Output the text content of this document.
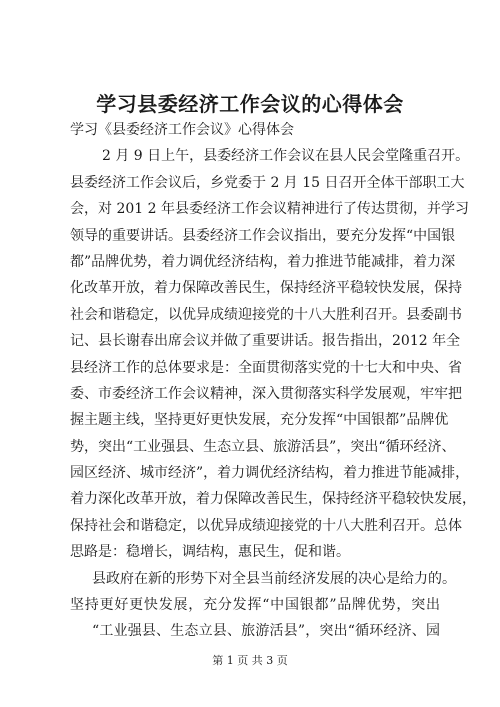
学习县委经济工作会议的心得体会
学习《县委经济工作会议》心得体会
2 月 9 日上午，县委经济工作会议在县人民会堂隆重召开。
县委经济工作会议后，乡党委于 2 月 15 日召开全体干部职工大
会，对 201 2 年县委经济工作会议精神进行了传达贯彻，并学习
领导的重要讲话。县委经济工作会议指出，要充分发挥“中国银
都”品牌优势，着力调优经济结构，着力推进节能减排，着力深
化改革开放，着力保障改善民生，保持经济平稳较快发展，保持
社会和谐稳定，以优异成绩迎接党的十八大胜利召开。县委副书
记、县长谢春出席会议并做了重要讲话。报告指出，2012 年全
县经济工作的总体要求是：全面贯彻落实党的十七大和中央、省
委、市委经济工作会议精神，深入贯彻落实科学发展观，牢牢把
握主题主线，坚持更好更快发展，充分发挥“中国银都”品牌优
势，突出“工业强县、生态立县、旅游活县”，突出“循环经济、
园区经济、城市经济”，着力调优经济结构，着力推进节能减排，
着力深化改革开放，着力保障改善民生，保持经济平稳较快发展，
保持社会和谐稳定，以优异成绩迎接党的十八大胜利召开。总体
思路是：稳增长，调结构，惠民生，促和谐。
县政府在新的形势下对全县当前经济发展的决心是给力的。
坚持更好更快发展，充分发挥“中国银都”品牌优势，突出
“工业强县、生态立县、旅游活县”，突出“循环经济、园
第 1 页 共 3 页
